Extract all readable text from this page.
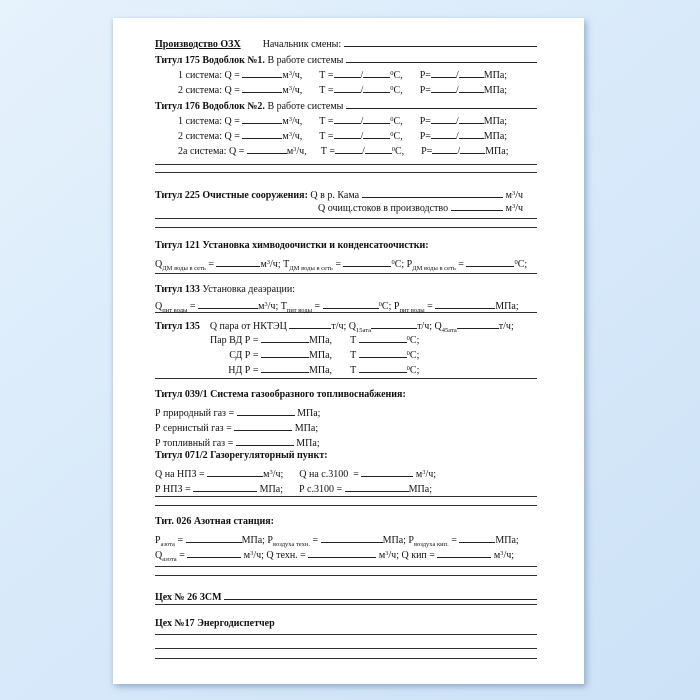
Производство ОЗХ Начальник смены:
Титул 175 Водоблок №1. В работе системы
1 система: Q =	м 3 /ч, Т =	/	0 С, Р=	/	МПа;
2 система: Q =	м 3 /ч, Т =	/	0 С, Р=	/	МПа;
Титул 176 Водоблок №2. В работе системы
1 система: Q =	м 3 /ч, Т =	/	0 С, Р=	/	МПа;
2 система: Q =	м 3 /ч, Т =	/	0 С, Р=	/	МПа;
2а система: Q =	м 3 /ч, Т =	/	0 С, Р=	/	МПа;
Титул 225 Очистные сооружения: Q в р. Кама	м 3 /ч
Q очищ.стоков в производство	м 3 /ч
Титул 121 Установка химводоочистки и конденсатоочистки:
Q ДМ воды в сеть =	м 3 /ч; Т ДМ воды в сеть =	0 С; Р ДМ воды в сеть =	0 С;
Титул 133 Установка деаэрации:
Q пит воды =	м 3 /ч; Т пит воды =	0 С; Р пит воды =	МПа;
Титул 135 Q пара от НКТЭЦ	т/ч; Q 15ата	т/ч; Q 45ата	т/ч;
Пар ВД Р =	МПа, Т	0 С;
СД Р =	МПа, Т	0 С;
НД Р =	МПа, Т	0 С;
Титул 039/1 Система газообразного топливоснабжения:
Р природный газ =	МПа;
Р сернистый газ =	МПа;
Р топливный газ =	МПа;
Титул 071/2 Газорегуляторный пункт:
Q на НПЗ =	м 3 /ч; Q на с.3100  =	м 3 /ч;
Р НПЗ =	МПа; Р с.3100 =	МПа;
Тит. 026 Азотная станция:
Р азота =	МПа; Р воздуха техн. =	МПа; Р воздуха кип. =	МПа;
Q азота =	м 3 /ч; Q техн. =	м 3 /ч; Q кип =	м 3 /ч;
Цех № 26 ЗСМ
Цех №17 Энергодиспетчер
